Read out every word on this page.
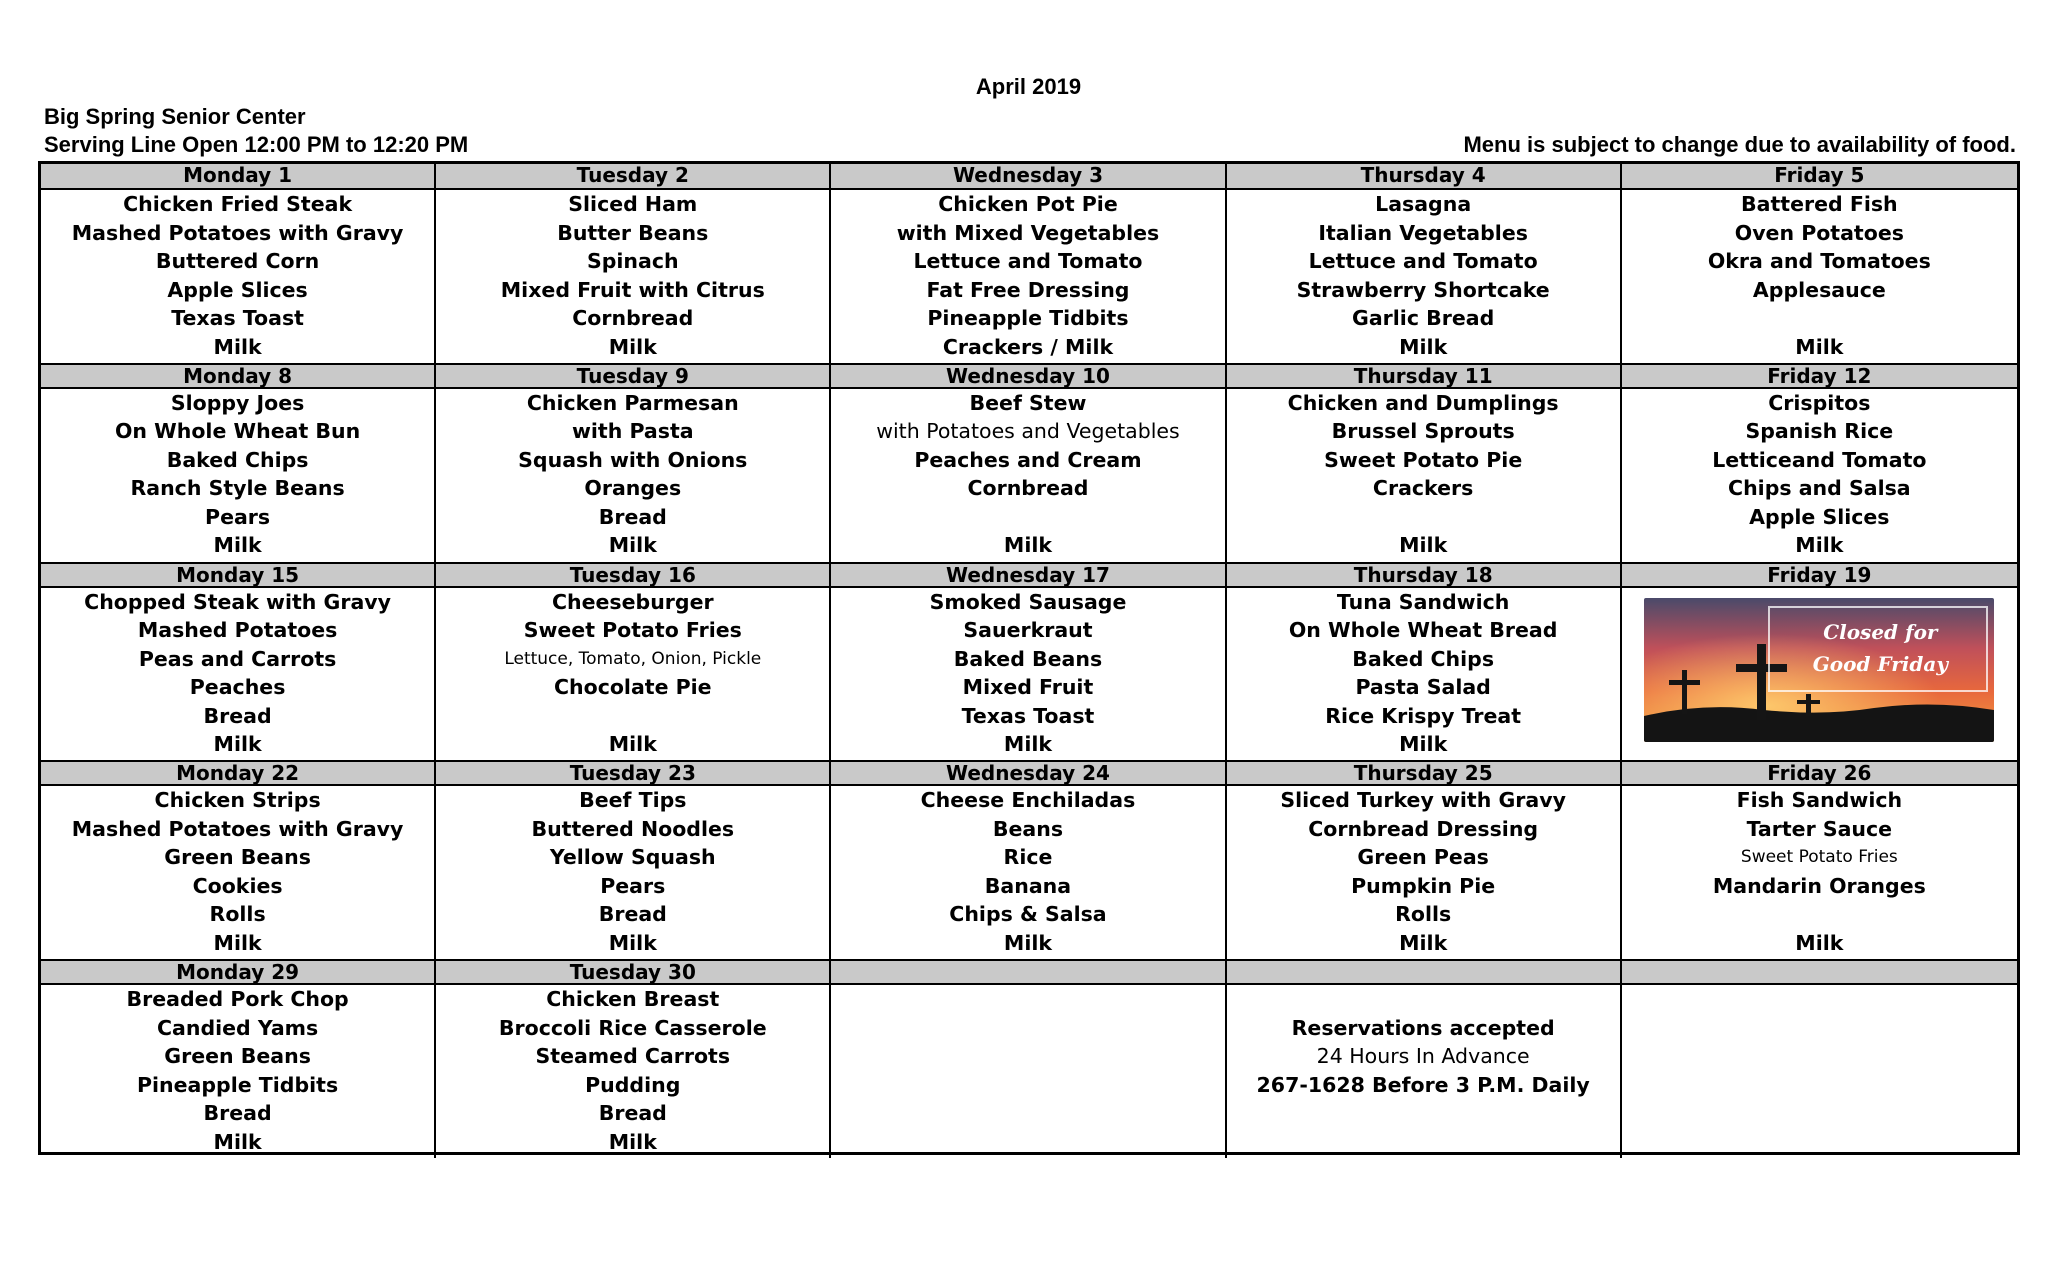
April 2019
Big Spring Senior Center
Serving Line Open 12:00 PM to 12:20 PM	Menu is subject to change due to availability of food.
Monday 1
Chicken Fried Steak
Mashed Potatoes with Gravy
Buttered Corn
Apple Slices
Texas Toast
Milk
Tuesday 2
Sliced Ham
Butter Beans
Spinach
Mixed Fruit with Citrus
Cornbread
Milk
Wednesday 3
Chicken Pot Pie
with Mixed Vegetables
Lettuce and Tomato
Fat Free Dressing
Pineapple Tidbits
Crackers / Milk
Thursday 4
Lasagna
Italian Vegetables
Lettuce and Tomato
Strawberry Shortcake
Garlic Bread
Milk
Friday 5
Battered Fish
Oven Potatoes
Okra and Tomatoes
Applesauce
Milk
Monday 8
Sloppy Joes
On Whole Wheat Bun
Baked Chips
Ranch Style Beans
Pears
Milk
Tuesday 9
Chicken Parmesan
with Pasta
Squash with Onions
Oranges
Bread
Milk
Wednesday 10
Beef Stew
with Potatoes and Vegetables
Peaches and Cream
Cornbread
Milk
Thursday 11
Chicken and Dumplings
Brussel Sprouts
Sweet Potato Pie
Crackers
Milk
Friday 12
Crispitos
Spanish Rice
Letticeand Tomato
Chips and Salsa
Apple Slices
Milk
Monday 15
Chopped Steak with Gravy
Mashed Potatoes
Peas and Carrots
Peaches
Bread
Milk
Tuesday 16
Cheeseburger
Sweet Potato Fries
Lettuce, Tomato, Onion, Pickle
Chocolate Pie
Milk
Wednesday 17
Smoked Sausage
Sauerkraut
Baked Beans
Mixed Fruit
Texas Toast
Milk
Thursday 18
Tuna Sandwich
On Whole Wheat Bread
Baked Chips
Pasta Salad
Rice Krispy Treat
Milk
Friday 19
Closed for
Good Friday
Monday 22
Chicken Strips
Mashed Potatoes with Gravy
Green Beans
Cookies
Rolls
Milk
Tuesday 23
Beef Tips
Buttered Noodles
Yellow Squash
Pears
Bread
Milk
Wednesday 24
Cheese Enchiladas
Beans
Rice
Banana
Chips & Salsa
Milk
Thursday 25
Sliced Turkey with Gravy
Cornbread Dressing
Green Peas
Pumpkin Pie
Rolls
Milk
Friday 26
Fish Sandwich
Tarter Sauce
Sweet Potato Fries
Mandarin Oranges
Milk
Monday 29
Breaded Pork Chop
Candied Yams
Green Beans
Pineapple Tidbits
Bread
Milk
Tuesday 30
Chicken Breast
Broccoli Rice Casserole
Steamed Carrots
Pudding
Bread
Milk
Reservations accepted
24 Hours In Advance
267-1628 Before 3 P.M. Daily
